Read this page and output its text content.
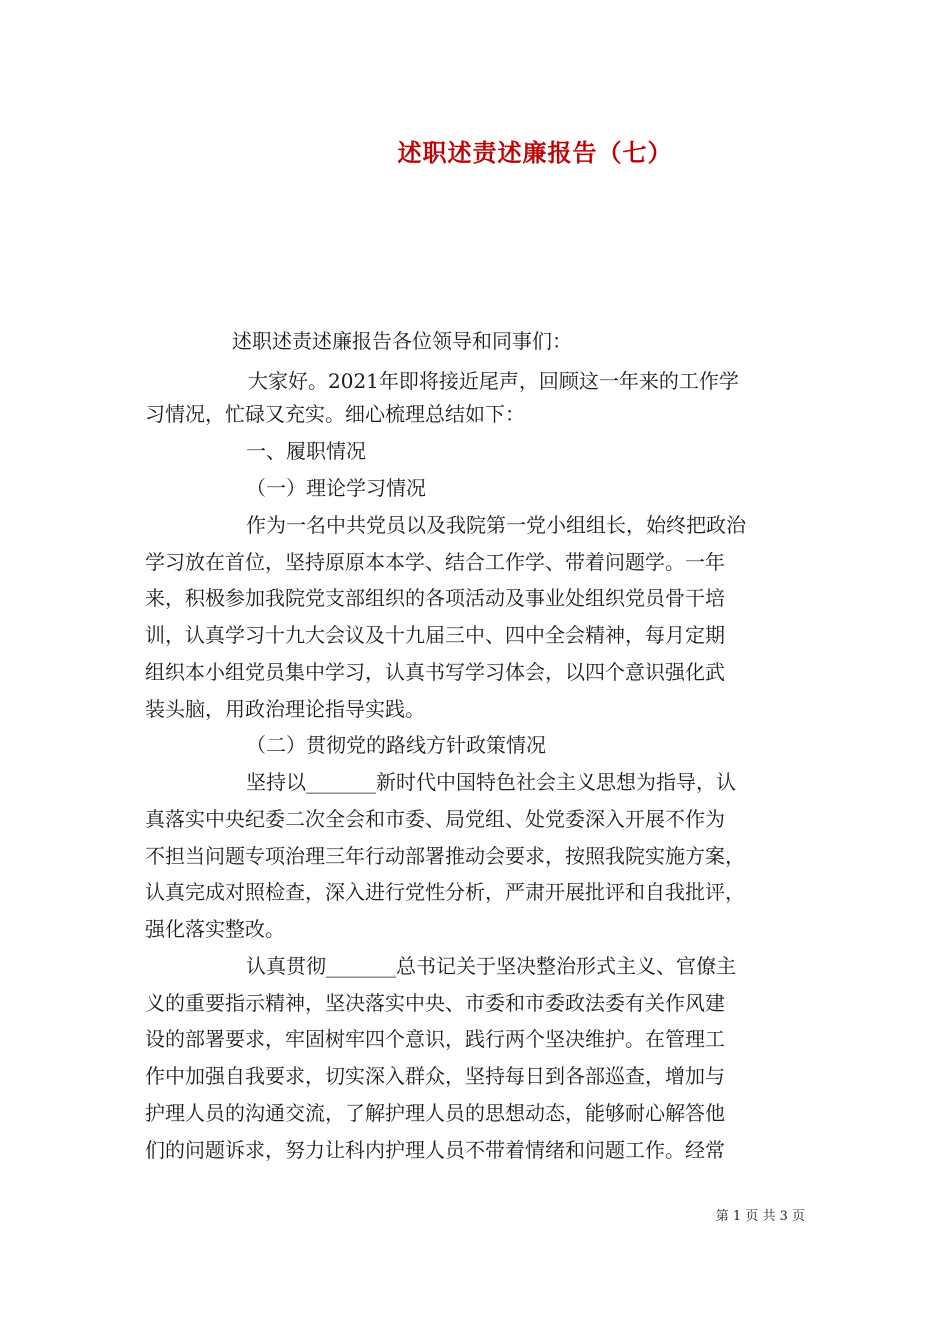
述职述责述廉报告（七）
述职述责述廉报告各位领导和同事们：
大家好。2021年即将接近尾声，回顾这一年来的工作学
习情况，忙碌又充实。细心梳理总结如下：
一、履职情况
（一）理论学习情况
作为一名中共党员以及我院第一党小组组长，始终把政治
学习放在首位，坚持原原本本学、结合工作学、带着问题学。一年
来，积极参加我院党支部组织的各项活动及事业处组织党员骨干培
训，认真学习十九大会议及十九届三中、四中全会精神，每月定期
组织本小组党员集中学习，认真书写学习体会，以四个意识强化武
装头脑，用政治理论指导实践。
（二）贯彻党的路线方针政策情况
坚持以_______新时代中国特色社会主义思想为指导，认
真落实中央纪委二次全会和市委、局党组、处党委深入开展不作为
不担当问题专项治理三年行动部署推动会要求，按照我院实施方案，
认真完成对照检查，深入进行党性分析，严肃开展批评和自我批评，
强化落实整改。
认真贯彻_______总书记关于坚决整治形式主义、官僚主
义的重要指示精神，坚决落实中央、市委和市委政法委有关作风建
设的部署要求，牢固树牢四个意识，践行两个坚决维护。在管理工
作中加强自我要求，切实深入群众，坚持每日到各部巡查，增加与
护理人员的沟通交流，了解护理人员的思想动态，能够耐心解答他
们的问题诉求，努力让科内护理人员不带着情绪和问题工作。经常
第 1 页 共 3 页
